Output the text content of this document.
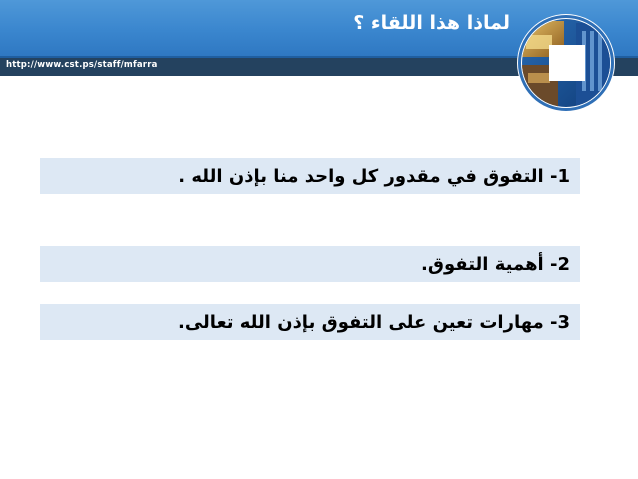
http://www.cst.ps/staff/mfarra
لماذا هذا اللقاء ؟
1- التفوق في مقدور كل واحد منا بإذن الله .
2- أهمية التفوق.
3- مهارات تعين على التفوق بإذن الله تعالى.
